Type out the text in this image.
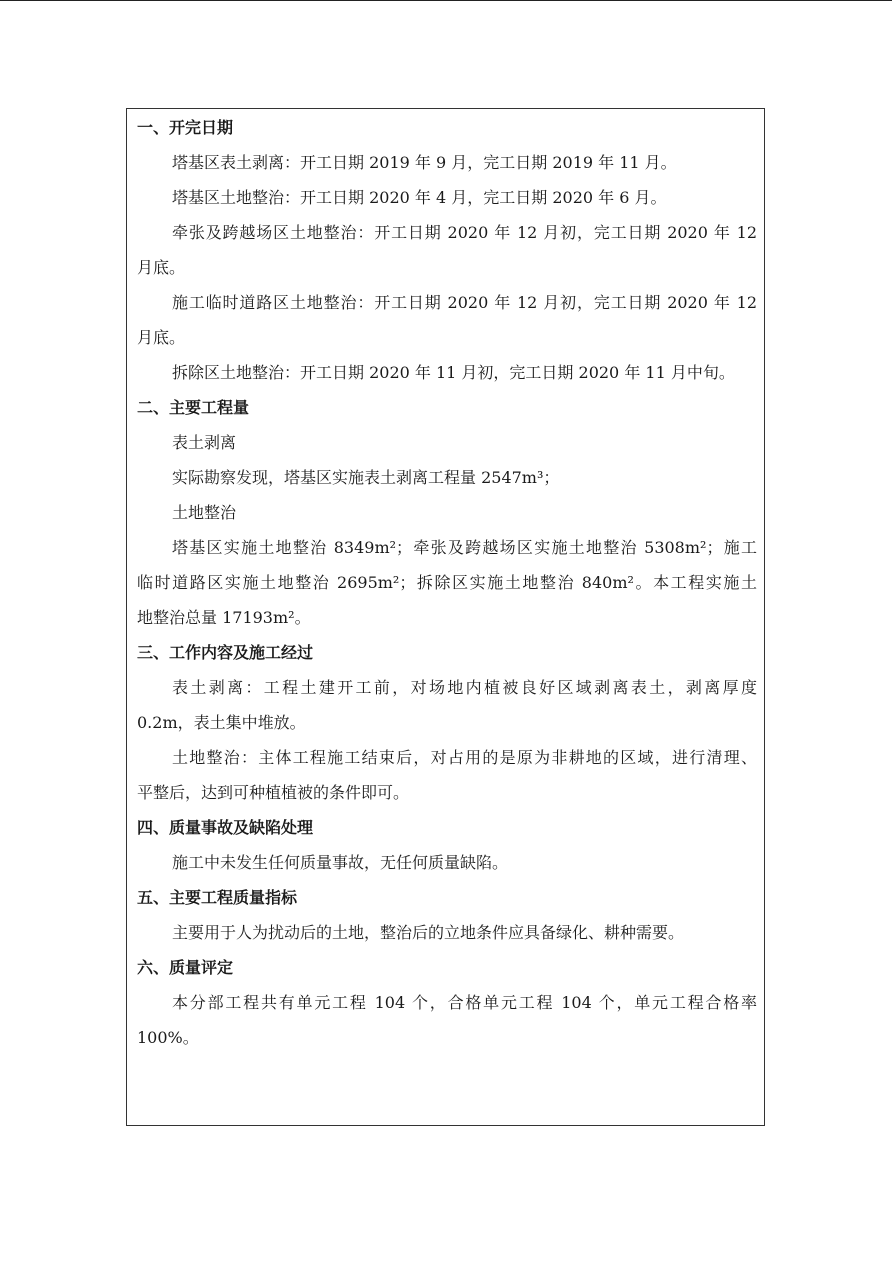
一、开完日期
塔基区表土剥离：开工日期 2019 年 9 月，完工日期 2019 年 11 月。
塔基区土地整治：开工日期 2020 年 4 月，完工日期 2020 年 6 月。
牵张及跨越场区土地整治：开工日期 2020 年 12 月初，完工日期 2020 年 12
月底。
施工临时道路区土地整治：开工日期 2020 年 12 月初，完工日期 2020 年 12
月底。
拆除区土地整治：开工日期 2020 年 11 月初，完工日期 2020 年 11 月中旬。
二、主要工程量
表土剥离
实际勘察发现，塔基区实施表土剥离工程量 2547m³；
土地整治
塔基区实施土地整治 8349m²；牵张及跨越场区实施土地整治 5308m²；施工
临时道路区实施土地整治 2695m²；拆除区实施土地整治 840m²。本工程实施土
地整治总量 17193m²。
三、工作内容及施工经过
表土剥离：工程土建开工前，对场地内植被良好区域剥离表土，剥离厚度
0.2m，表土集中堆放。
土地整治：主体工程施工结束后，对占用的是原为非耕地的区域，进行清理、
平整后，达到可种植植被的条件即可。
四、质量事故及缺陷处理
施工中未发生任何质量事故，无任何质量缺陷。
五、主要工程质量指标
主要用于人为扰动后的土地，整治后的立地条件应具备绿化、耕种需要。
六、质量评定
本分部工程共有单元工程 104 个，合格单元工程 104 个，单元工程合格率
100%。
